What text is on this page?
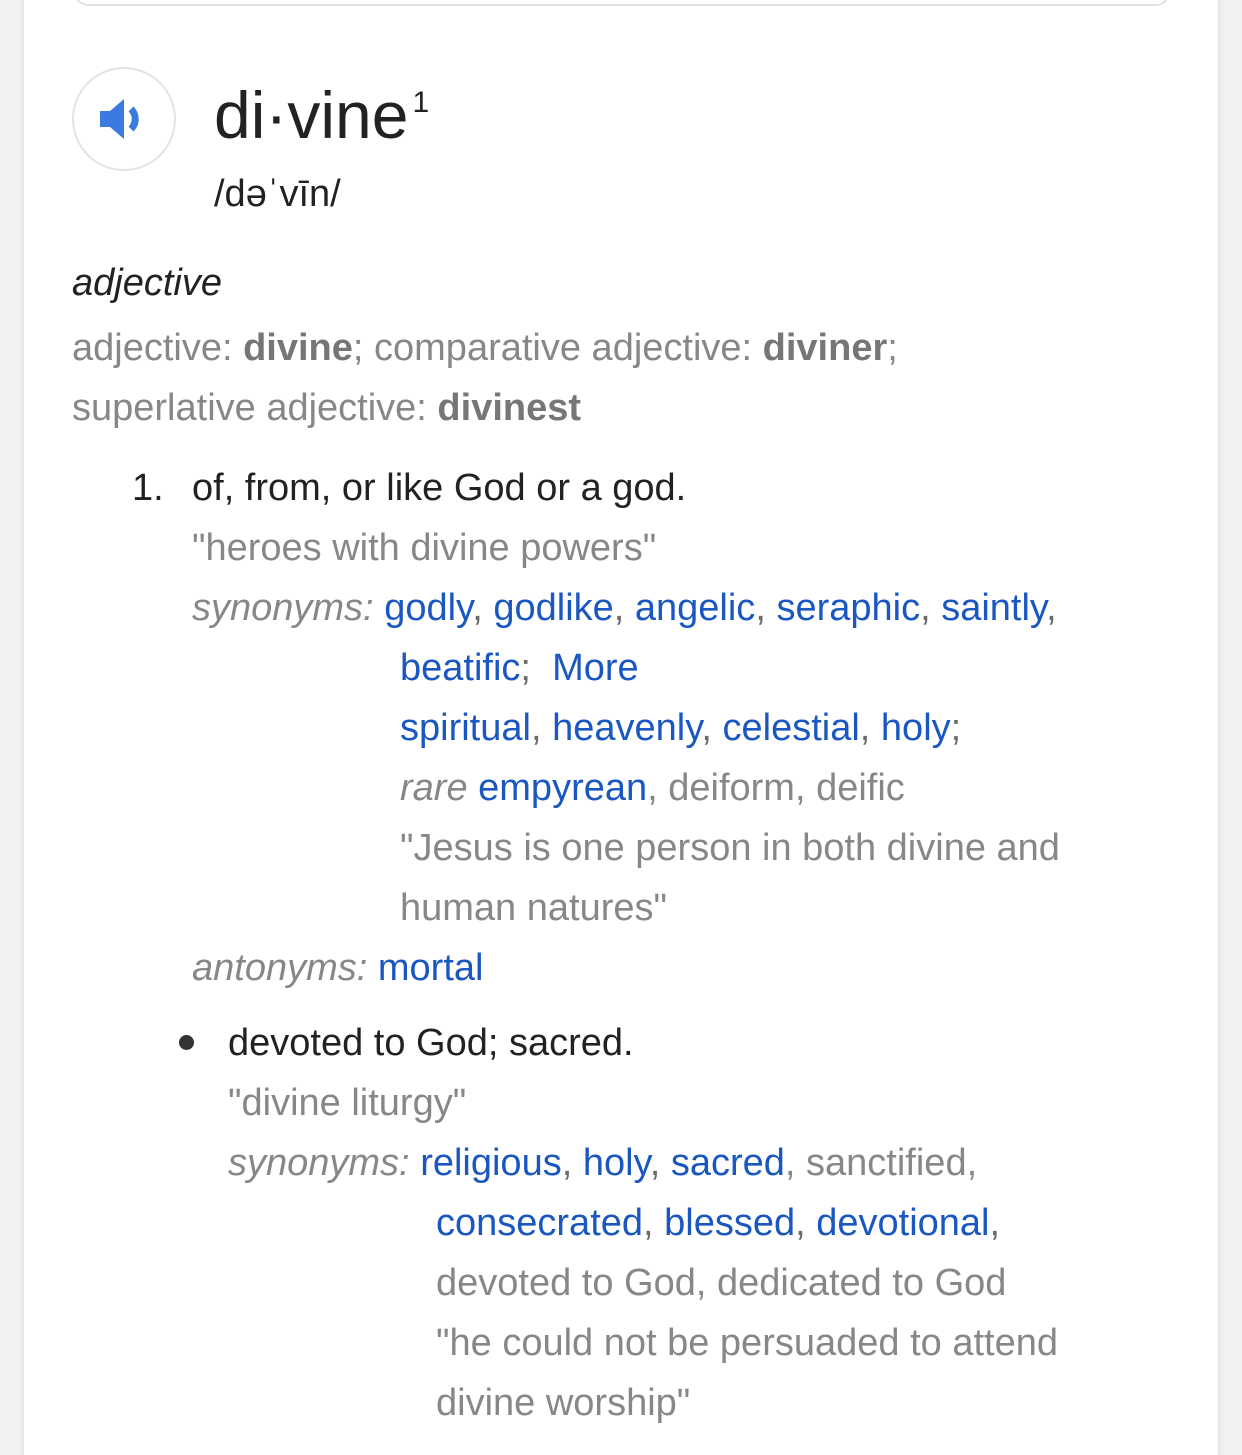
di·vine $^1$
/dəˈvīn/
adjective
adjective: divine; comparative adjective: diviner;
superlative adjective: divinest
1. of, from, or like God or a god.
"heroes with divine powers"
synonyms: godly, godlike, angelic, seraphic, saintly,
beatific;  More
spiritual, heavenly, celestial, holy;
rare empyrean, deiform, deific
"Jesus is one person in both divine and
human natures"
antonyms: mortal
devoted to God; sacred.
"divine liturgy"
synonyms: religious, holy, sacred, sanctified,
consecrated, blessed, devotional,
devoted to God, dedicated to God
"he could not be persuaded to attend
divine worship"
